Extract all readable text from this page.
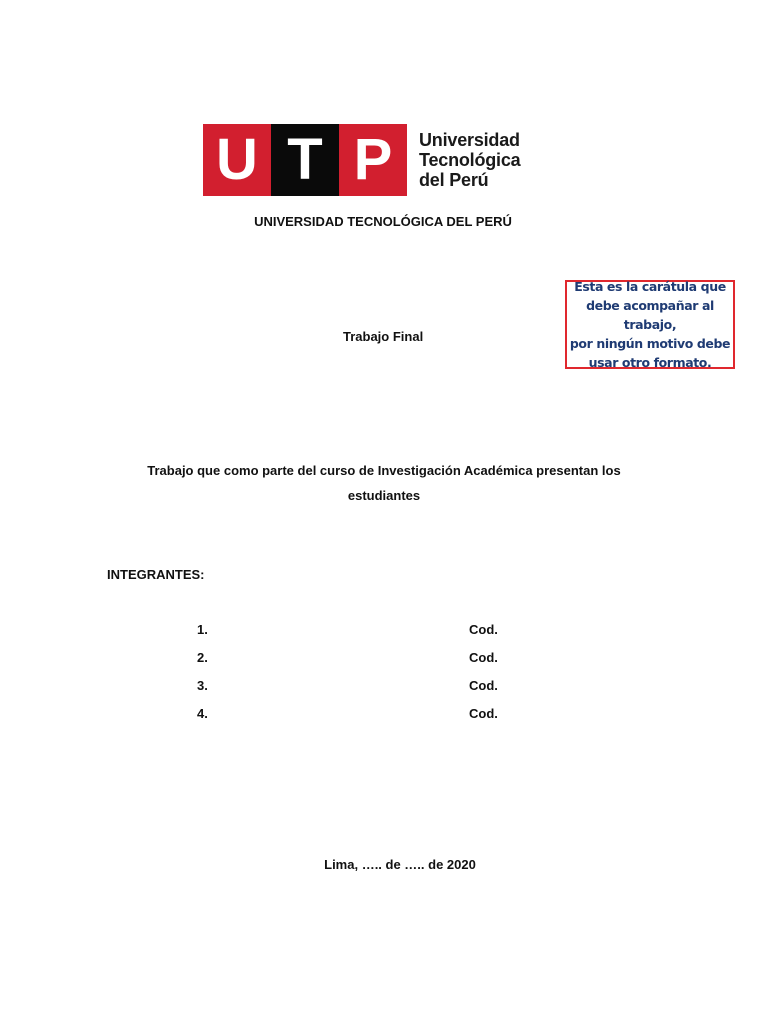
U T P	Universidad
Tecnológica
del Perú
UNIVERSIDAD TECNOLÓGICA DEL PERÚ
Trabajo Final
Esta es la carátula que
debe acompañar al trabajo,
por ningún motivo debe
usar otro formato.
Trabajo que como parte del curso de Investigación Académica presentan los
estudiantes
INTEGRANTES:
1.	Cod.
2.	Cod.
3.	Cod.
4.	Cod.
Lima, ….. de ….. de 2020
